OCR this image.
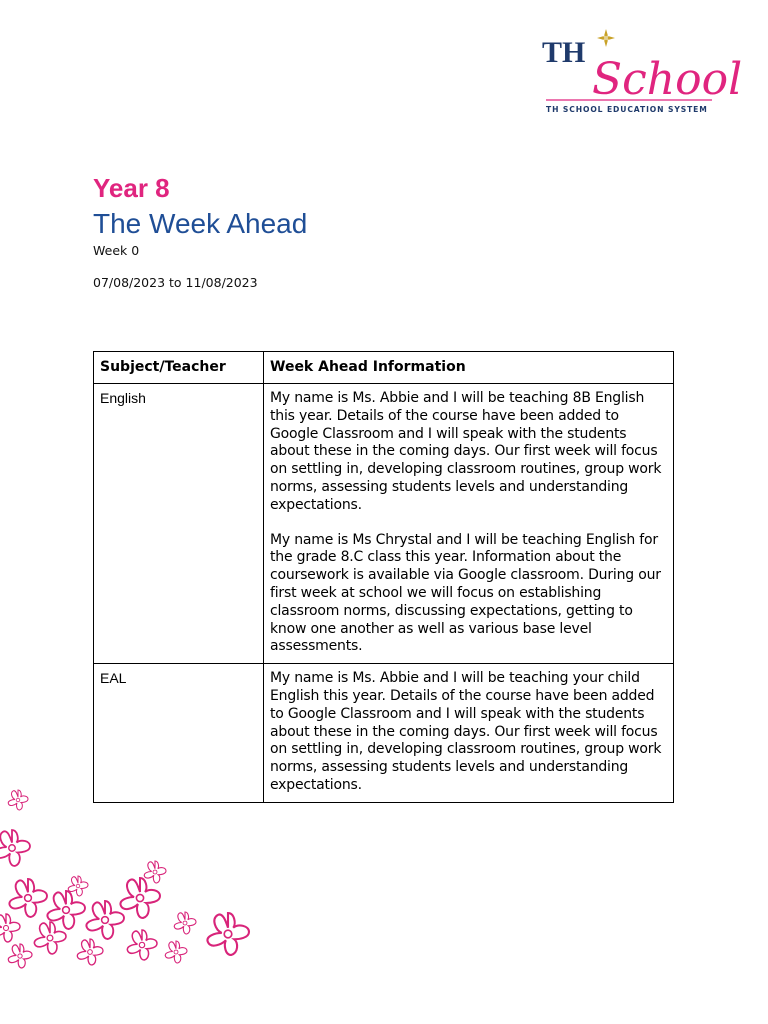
TH
School
TH SCHOOL EDUCATION SYSTEM
Year 8
The Week Ahead
Week 0
07/08/2023 to 11/08/2023
Subject/Teacher	Week Ahead Information
English	My name is Ms. Abbie and I will be teaching 8B English this year. Details of the course have been added to Google Classroom and I will speak with the students about these in the coming days. Our first week will focus on settling in, developing classroom routines, group work norms, assessing students levels and understanding expectations.

My name is Ms Chrystal and I will be teaching English for the grade 8.C class this year. Information about the coursework is available via Google classroom. During our first week at school we will focus on establishing classroom norms, discussing expectations, getting to know one another as well as various base level assessments.

EAL	My name is Ms. Abbie and I will be teaching your child English this year. Details of the course have been added to Google Classroom and I will speak with the students about these in the coming days. Our first week will focus on settling in, developing classroom routines, group work norms, assessing students levels and understanding expectations.
